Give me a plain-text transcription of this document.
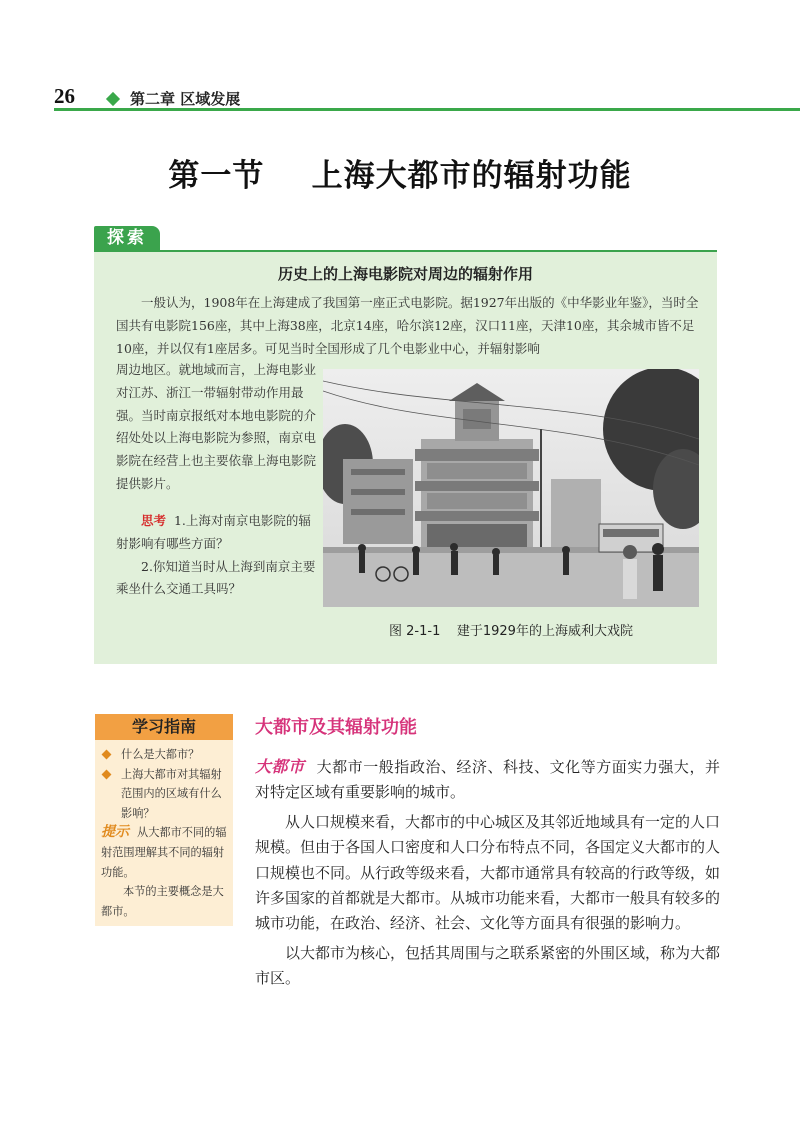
26	第二章 区域发展
第一节    上海大都市的辐射功能
探索
历史上的上海电影院对周边的辐射作用

一般认为，1908年在上海建成了我国第一座正式电影院。据1927年出版的《中华影业年鉴》，当时全国共有电影院156座，其中上海38座，北京14座，哈尔滨12座，汉口11座，天津10座，其余城市皆不足10座，并以仅有1座居多。可见当时全国形成了几个电影业中心，并辐射影响

周边地区。就地域而言，上海电影业对江苏、浙江一带辐射带动作用最强。当时南京报纸对本地电影院的介绍处处以上海电影院为参照，南京电影院在经营上也主要依靠上海电影院提供影片。

思考 1.上海对南京电影院的辐射影响有哪些方面？

2.你知道当时从上海到南京主要乘坐什么交通工具吗？

图 2-1-1    建于1929年的上海威利大戏院
学习指南
什么是大都市？
上海大都市对其辐射范围内的区域有什么影响？
提示 从大都市不同的辐射范围理解其不同的辐射功能。
本节的主要概念是大都市。
大都市及其辐射功能

大都市 大都市一般指政治、经济、科技、文化等方面实力强大，并对特定区域有重要影响的城市。

从人口规模来看，大都市的中心城区及其邻近地域具有一定的人口规模。但由于各国人口密度和人口分布特点不同，各国定义大都市的人口规模也不同。从行政等级来看，大都市通常具有较高的行政等级，如许多国家的首都就是大都市。从城市功能来看，大都市一般具有较多的城市功能，在政治、经济、社会、文化等方面具有很强的影响力。

以大都市为核心，包括其周围与之联系紧密的外围区域，称为大都市区。
